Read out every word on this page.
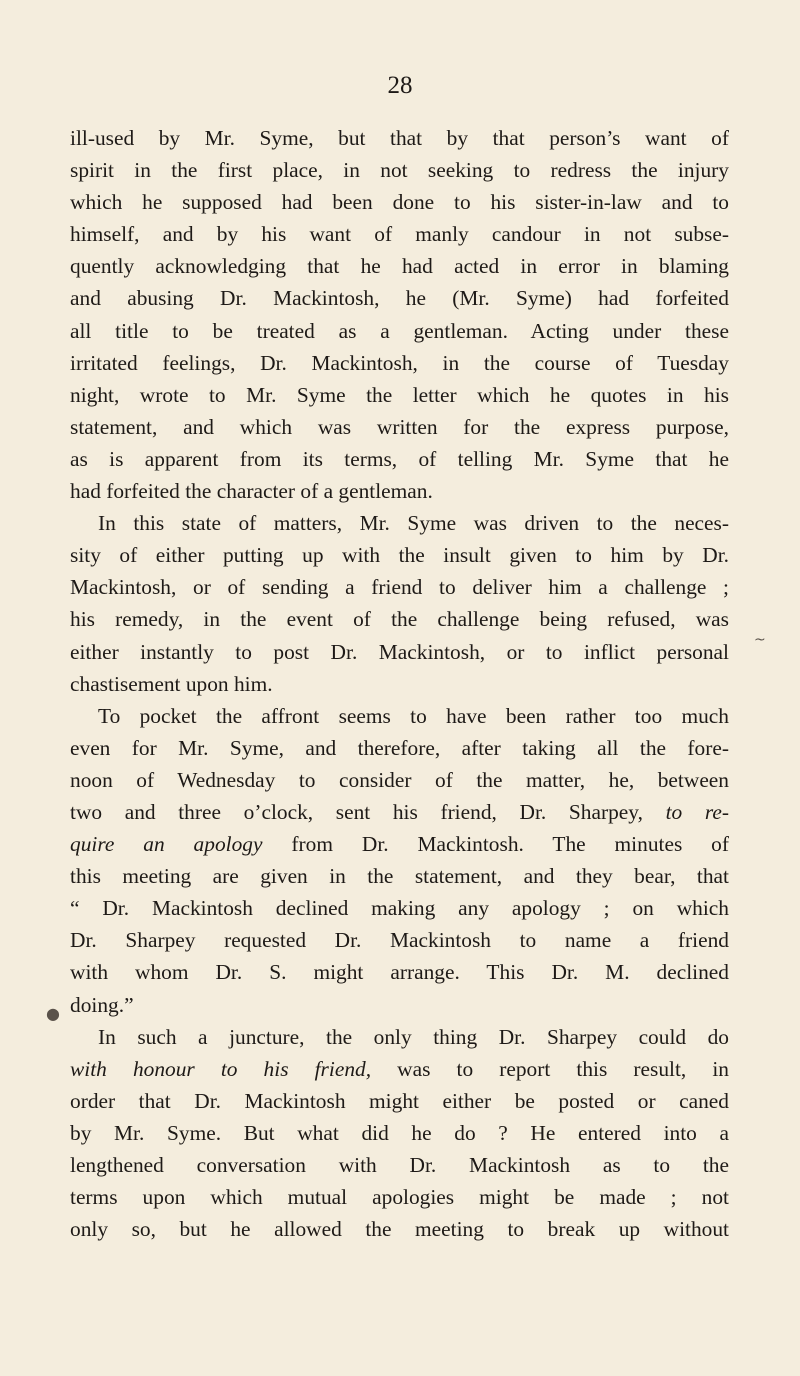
28
ill-used by Mr. Syme, but that by that person’s want of
spirit in the first place, in not seeking to redress the injury
which he supposed had been done to his sister-in-law and to
himself, and by his want of manly candour in not subse-
quently acknowledging that he had acted in error in blaming
and abusing Dr. Mackintosh, he (Mr. Syme) had forfeited
all title to be treated as a gentleman. Acting under these
irritated feelings, Dr. Mackintosh, in the course of Tuesday
night, wrote to Mr. Syme the letter which he quotes in his
statement, and which was written for the express purpose,
as is apparent from its terms, of telling Mr. Syme that he
had forfeited the character of a gentleman.
In this state of matters, Mr. Syme was driven to the neces-
sity of either putting up with the insult given to him by Dr.
Mackintosh, or of sending a friend to deliver him a challenge ;
his remedy, in the event of the challenge being refused, was
either instantly to post Dr. Mackintosh, or to inflict personal
chastisement upon him.
To pocket the affront seems to have been rather too much
even for Mr. Syme, and therefore, after taking all the fore-
noon of Wednesday to consider of the matter, he, between
two and three o’clock, sent his friend, Dr. Sharpey, to re-
quire an apology from Dr. Mackintosh. The minutes of
this meeting are given in the statement, and they bear, that
“ Dr. Mackintosh declined making any apology ; on which
Dr. Sharpey requested Dr. Mackintosh to name a friend
with whom Dr. S. might arrange. This Dr. M. declined
doing.”
In such a juncture, the only thing Dr. Sharpey could do
with honour to his friend, was to report this result, in
order that Dr. Mackintosh might either be posted or caned
by Mr. Syme. But what did he do ? He entered into a
lengthened conversation with Dr. Mackintosh as to the
terms upon which mutual apologies might be made ; not
only so, but he allowed the meeting to break up without
~
●
